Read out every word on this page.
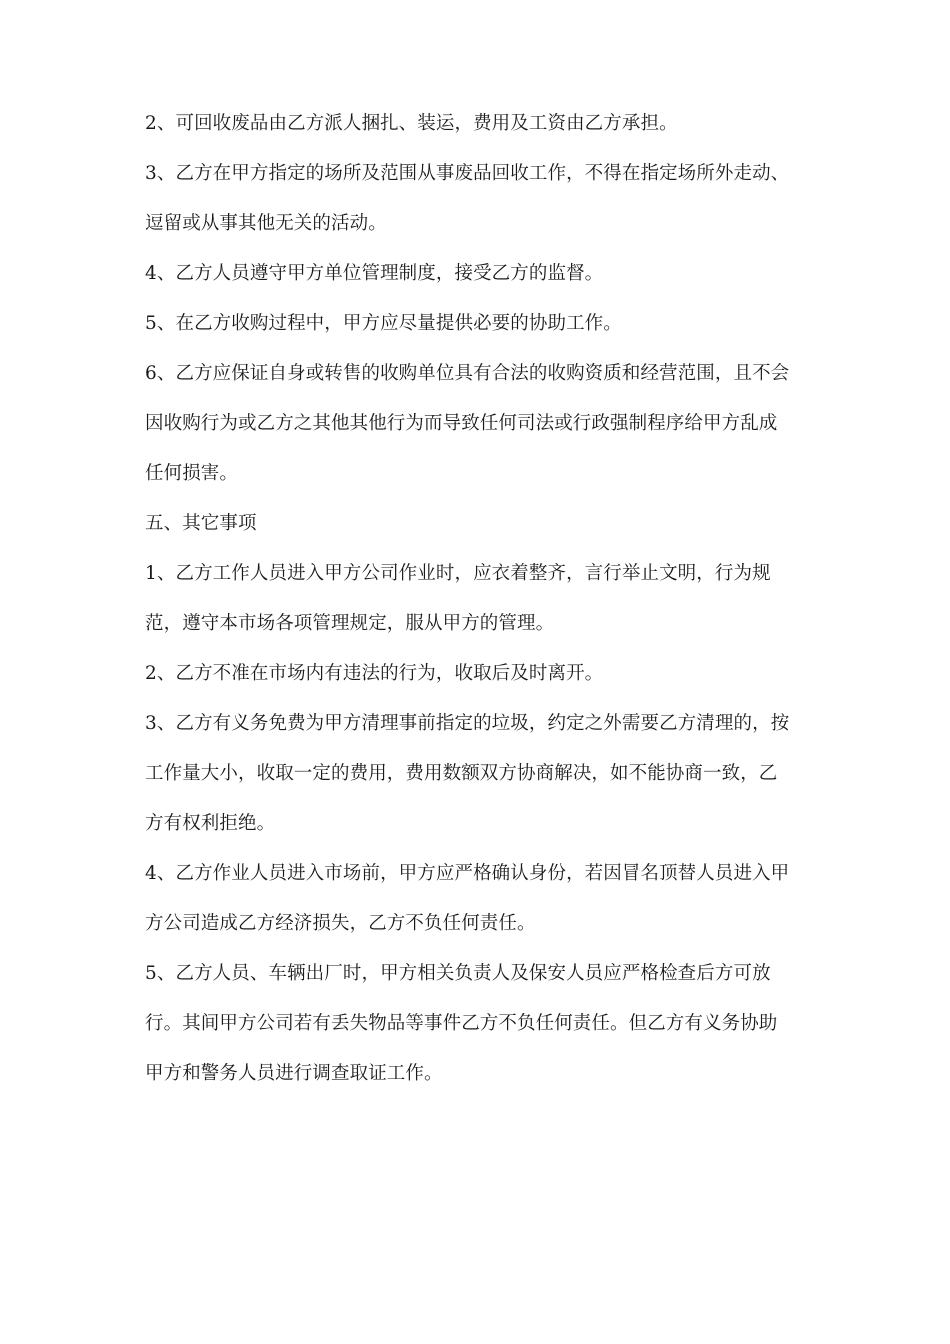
2、可回收废品由乙方派人捆扎、装运，费用及工资由乙方承担。
3、乙方在甲方指定的场所及范围从事废品回收工作，不得在指定场所外走动、
逗留或从事其他无关的活动。
4、乙方人员遵守甲方单位管理制度，接受乙方的监督。
5、在乙方收购过程中，甲方应尽量提供必要的协助工作。
6、乙方应保证自身或转售的收购单位具有合法的收购资质和经营范围，且不会
因收购行为或乙方之其他其他行为而导致任何司法或行政强制程序给甲方乱成
任何损害。
五、其它事项
1、乙方工作人员进入甲方公司作业时，应衣着整齐，言行举止文明，行为规
范，遵守本市场各项管理规定，服从甲方的管理。
2、乙方不准在市场内有违法的行为，收取后及时离开。
3、乙方有义务免费为甲方清理事前指定的垃圾，约定之外需要乙方清理的，按
工作量大小，收取一定的费用，费用数额双方协商解决，如不能协商一致，乙
方有权利拒绝。
4、乙方作业人员进入市场前，甲方应严格确认身份，若因冒名顶替人员进入甲
方公司造成乙方经济损失，乙方不负任何责任。
5、乙方人员、车辆出厂时，甲方相关负责人及保安人员应严格检查后方可放
行。其间甲方公司若有丢失物品等事件乙方不负任何责任。但乙方有义务协助
甲方和警务人员进行调查取证工作。
